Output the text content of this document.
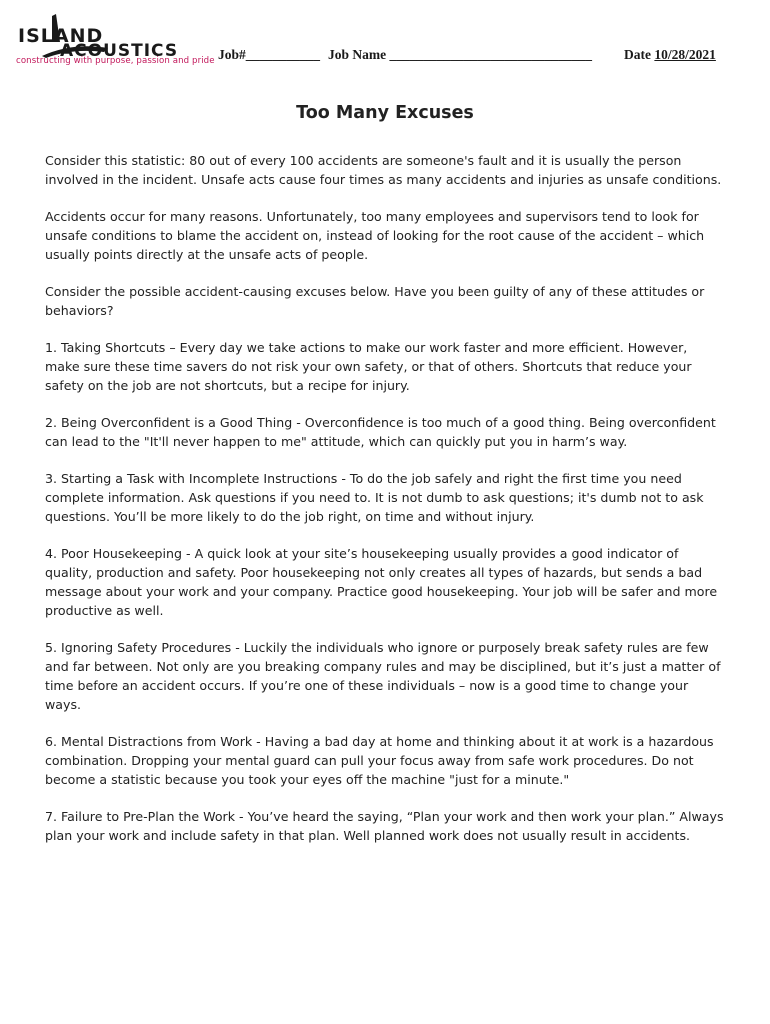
ISLAND
ACOUSTICS
constructing with purpose, passion and pride Job#___________ Job Name ______________________________ Date 10/28/2021
Too Many Excuses

Consider this statistic: 80 out of every 100 accidents are someone's fault and it is usually the person involved in the incident. Unsafe acts cause four times as many accidents and injuries as unsafe conditions.

Accidents occur for many reasons. Unfortunately, too many employees and supervisors tend to look for unsafe conditions to blame the accident on, instead of looking for the root cause of the accident – which usually points directly at the unsafe acts of people.

Consider the possible accident-causing excuses below. Have you been guilty of any of these attitudes or behaviors?

1. Taking Shortcuts – Every day we take actions to make our work faster and more efficient. However, make sure these time savers do not risk your own safety, or that of others. Shortcuts that reduce your safety on the job are not shortcuts, but a recipe for injury.

2. Being Overconfident is a Good Thing - Overconfidence is too much of a good thing. Being overconfident can lead to the "It'll never happen to me" attitude, which can quickly put you in harm’s way.

3. Starting a Task with Incomplete Instructions - To do the job safely and right the first time you need complete information. Ask questions if you need to. It is not dumb to ask questions; it's dumb not to ask questions. You’ll be more likely to do the job right, on time and without injury.

4. Poor Housekeeping - A quick look at your site’s housekeeping usually provides a good indicator of quality, production and safety. Poor housekeeping not only creates all types of hazards, but sends a bad message about your work and your company. Practice good housekeeping. Your job will be safer and more productive as well.

5. Ignoring Safety Procedures - Luckily the individuals who ignore or purposely break safety rules are few and far between. Not only are you breaking company rules and may be disciplined, but it’s just a matter of time before an accident occurs. If you’re one of these individuals – now is a good time to change your ways.

6. Mental Distractions from Work - Having a bad day at home and thinking about it at work is a hazardous combination. Dropping your mental guard can pull your focus away from safe work procedures. Do not become a statistic because you took your eyes off the machine "just for a minute."

7. Failure to Pre-Plan the Work - You’ve heard the saying, “Plan your work and then work your plan.” Always plan your work and include safety in that plan. Well planned work does not usually result in accidents.
